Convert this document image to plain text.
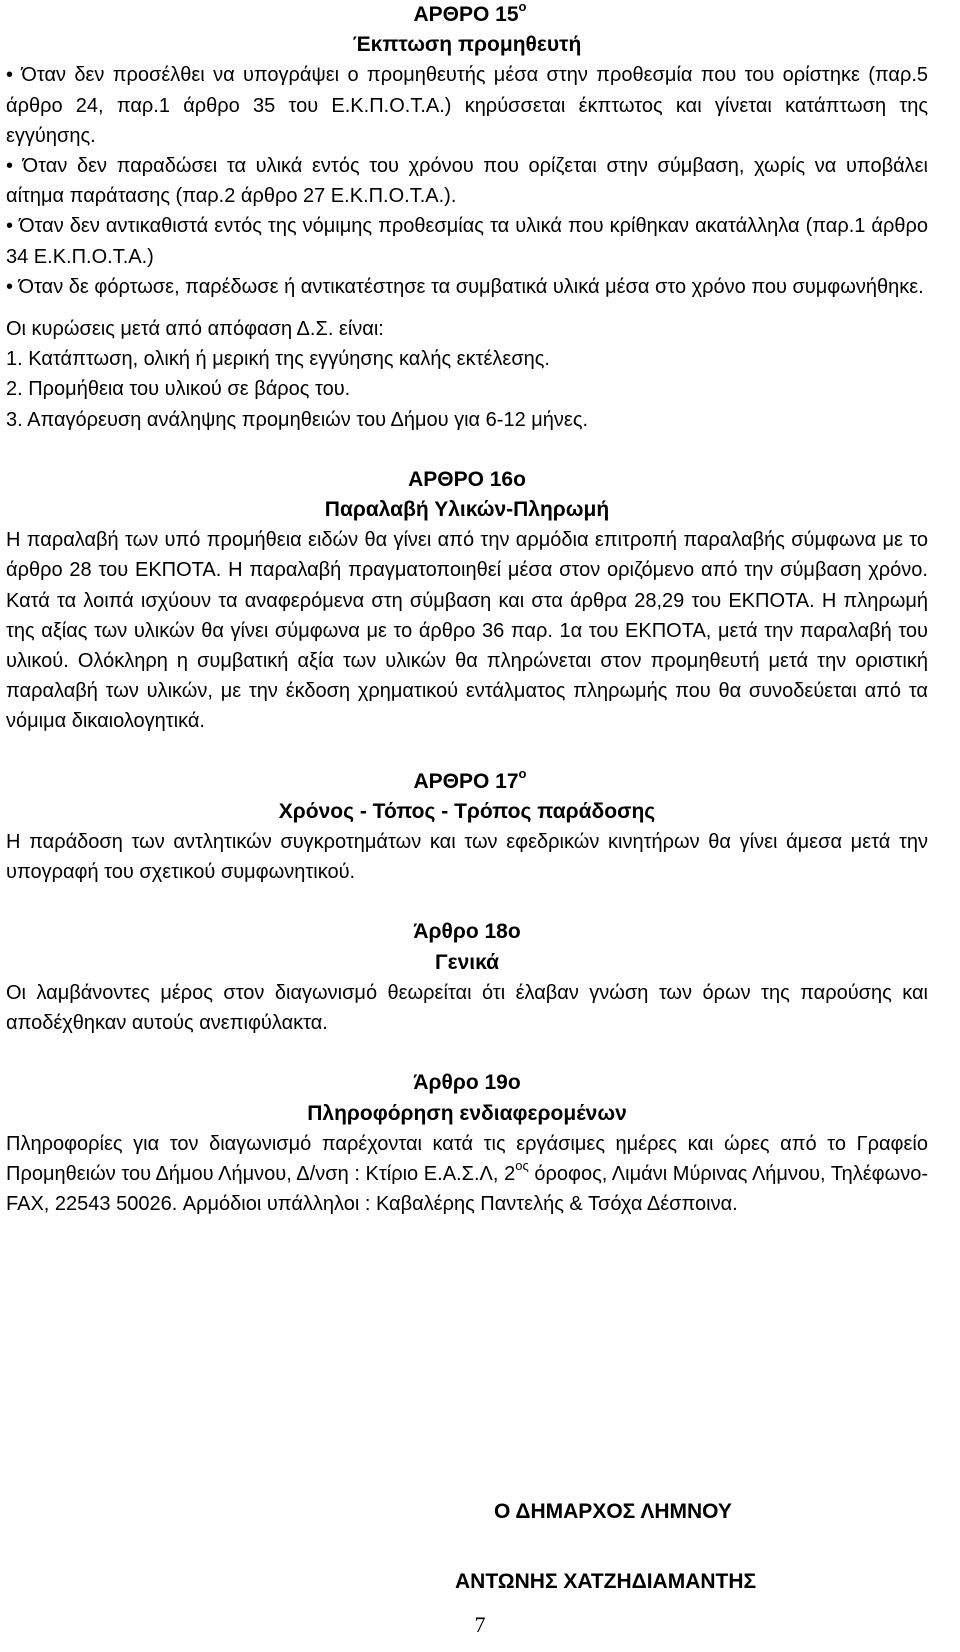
ΑΡΘΡΟ $15^o$
Έκπτωση προμηθευτή

• Όταν δεν προσέλθει να υπογράψει ο προμηθευτής μέσα στην προθεσμία που του ορίστηκε (παρ.5 άρθρο 24, παρ.1 άρθρο 35 του Ε.Κ.Π.Ο.Τ.Α.) κηρύσσεται έκπτωτος και γίνεται κατάπτωση της εγγύησης.

• Όταν δεν παραδώσει τα υλικά εντός του χρόνου που ορίζεται στην σύμβαση, χωρίς να υποβάλει αίτημα παράτασης (παρ.2 άρθρο 27 Ε.Κ.Π.Ο.Τ.Α.).

• Όταν δεν αντικαθιστά εντός της νόμιμης προθεσμίας τα υλικά που κρίθηκαν ακατάλληλα (παρ.1 άρθρο 34 Ε.Κ.Π.Ο.Τ.Α.)

• Όταν δε φόρτωσε, παρέδωσε ή αντικατέστησε τα συμβατικά υλικά μέσα στο χρόνο που συμφωνήθηκε.

Οι κυρώσεις μετά από απόφαση Δ.Σ. είναι:

1. Κατάπτωση, ολική ή μερική της εγγύησης καλής εκτέλεσης.

2. Προμήθεια του υλικού σε βάρος του.

3. Απαγόρευση ανάληψης προμηθειών του Δήμου για 6-12 μήνες.

ΑΡΘΡΟ 16ο
Παραλαβή Υλικών-Πληρωμή

Η παραλαβή των υπό προμήθεια ειδών θα γίνει από την αρμόδια επιτροπή παραλαβής σύμφωνα με το άρθρο 28 του ΕΚΠΟΤΑ. Η παραλαβή πραγματοποιηθεί μέσα στον οριζόμενο από την σύμβαση χρόνο. Κατά τα λοιπά ισχύουν τα αναφερόμενα στη σύμβαση και στα άρθρα 28,29 του ΕΚΠΟΤΑ. Η πληρωμή της αξίας των υλικών θα γίνει σύμφωνα με το άρθρο 36 παρ. 1α του ΕΚΠΟΤΑ, μετά την παραλαβή του υλικού. Ολόκληρη η συμβατική αξία των υλικών θα πληρώνεται στον προμηθευτή μετά την οριστική παραλαβή των υλικών, με την έκδοση χρηματικού εντάλματος πληρωμής που θα συνοδεύεται από τα νόμιμα δικαιολογητικά.

ΑΡΘΡΟ $17^o$
Χρόνος - Τόπος - Τρόπος παράδοσης

Η παράδοση των αντλητικών συγκροτημάτων και των εφεδρικών κινητήρων θα γίνει άμεσα μετά την υπογραφή του σχετικού συμφωνητικού.

Άρθρο 18ο
Γενικά

Οι λαμβάνοντες μέρος στον διαγωνισμό θεωρείται ότι έλαβαν γνώση των όρων της παρούσης και αποδέχθηκαν αυτούς ανεπιφύλακτα.

Άρθρο 19ο
Πληροφόρηση ενδιαφερομένων

Πληροφορίες για τον διαγωνισμό παρέχονται κατά τις εργάσιμες ημέρες και ώρες από το Γραφείο Προμηθειών του Δήμου Λήμνου, Δ/νση : Κτίριο Ε.Α.Σ.Λ, $2^{o\varsigma}$ όροφος, Λιμάνι Μύρινας Λήμνου, Τηλέφωνο- FAX, 22543 50026. Αρμόδιοι υπάλληλοι : Καβαλέρης Παντελής & Τσόχα Δέσποινα.

Ο ΔΗΜΑΡΧΟΣ ΛΗΜΝΟΥ
ΑΝΤΩΝΗΣ ΧΑΤΖΗΔΙΑΜΑΝΤΗΣ
7
